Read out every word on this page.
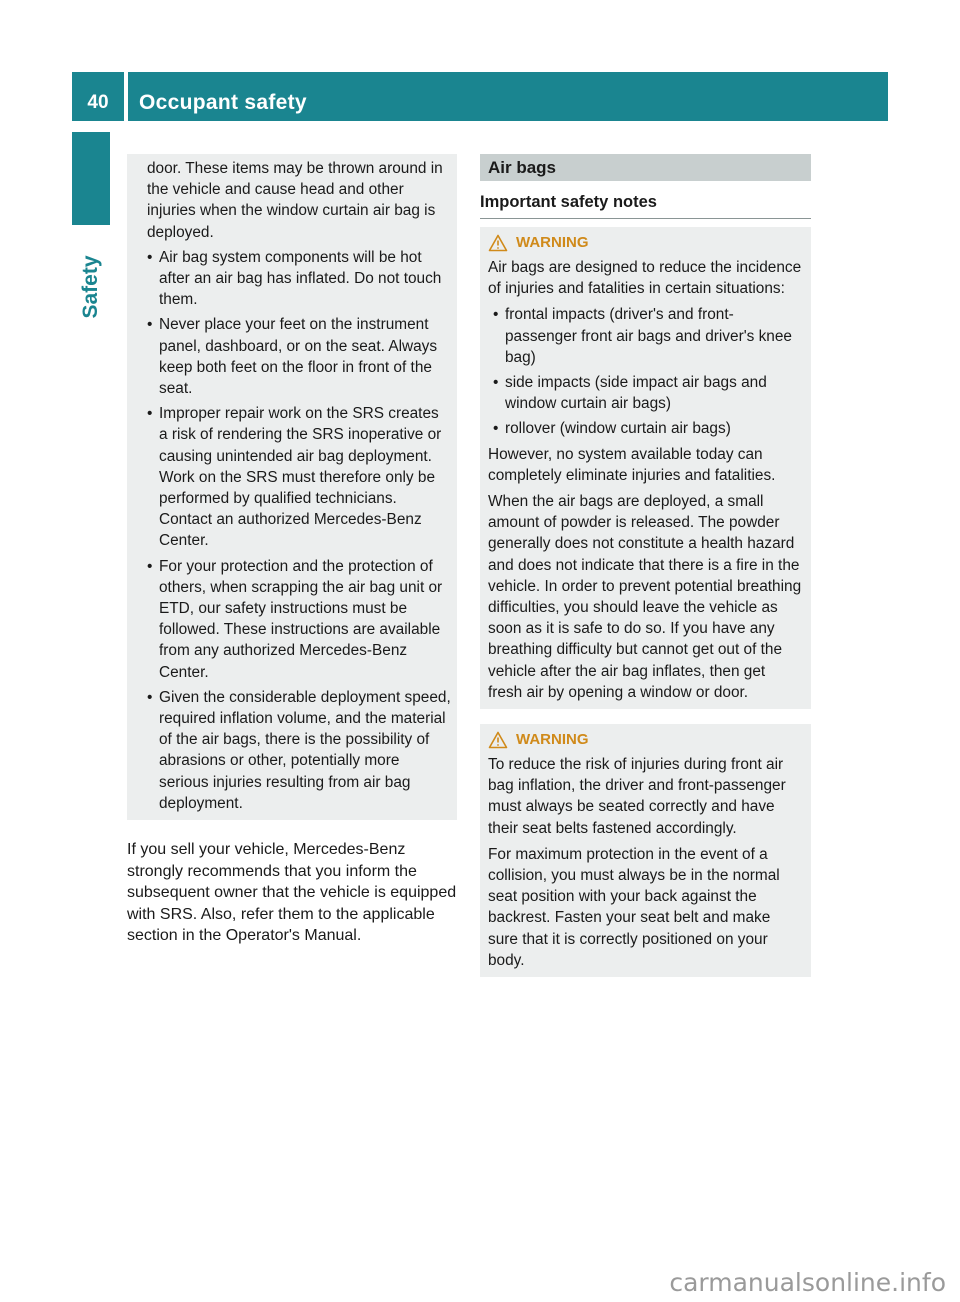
40	Occupant safety
Safety
door. These items may be thrown around in the vehicle and cause head and other injuries when the window curtain air bag is deployed.
• Air bag system components will be hot after an air bag has inflated. Do not touch them.
• Never place your feet on the instrument panel, dashboard, or on the seat. Always keep both feet on the floor in front of the seat.
• Improper repair work on the SRS creates a risk of rendering the SRS inoperative or causing unintended air bag deployment. Work on the SRS must therefore only be performed by qualified technicians. Contact an authorized Mercedes-Benz Center.
• For your protection and the protection of others, when scrapping the air bag unit or ETD, our safety instructions must be followed. These instructions are available from any authorized Mercedes-Benz Center.
• Given the considerable deployment speed, required inflation volume, and the material of the air bags, there is the possibility of abrasions or other, potentially more serious injuries resulting from air bag deployment.
If you sell your vehicle, Mercedes-Benz strongly recommends that you inform the subsequent owner that the vehicle is equipped with SRS. Also, refer them to the applicable section in the Operator's Manual.
Air bags
Important safety notes
WARNING

Air bags are designed to reduce the incidence of injuries and fatalities in certain situations:

• frontal impacts (driver's and front-passenger front air bags and driver's knee bag)
• side impacts (side impact air bags and window curtain air bags)
• rollover (window curtain air bags)

However, no system available today can completely eliminate injuries and fatalities.

When the air bags are deployed, a small amount of powder is released. The powder generally does not constitute a health hazard and does not indicate that there is a fire in the vehicle. In order to prevent potential breathing difficulties, you should leave the vehicle as soon as it is safe to do so. If you have any breathing difficulty but cannot get out of the vehicle after the air bag inflates, then get fresh air by opening a window or door.

WARNING

To reduce the risk of injuries during front air bag inflation, the driver and front-passenger must always be seated correctly and have their seat belts fastened accordingly.

For maximum protection in the event of a collision, you must always be in the normal seat position with your back against the backrest. Fasten your seat belt and make sure that it is correctly positioned on your body.

carmanualsonline.info
